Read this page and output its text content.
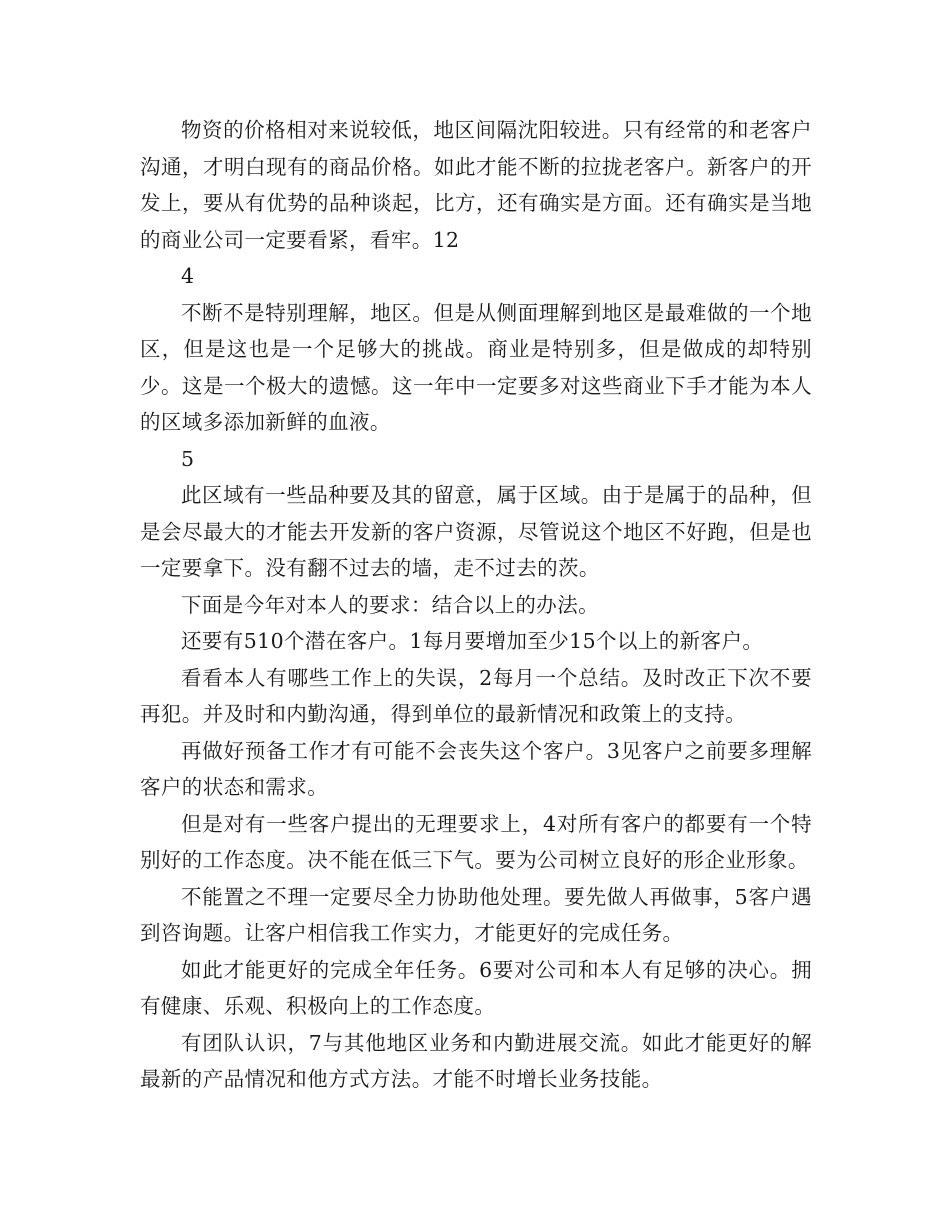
物资的价格相对来说较低，地区间隔沈阳较进。只有经常的和老客户沟通，才明白现有的商品价格。如此才能不断的拉拢老客户。新客户的开发上，要从有优势的品种谈起，比方，还有确实是方面。还有确实是当地的商业公司一定要看紧，看牢。12

4

不断不是特别理解，地区。但是从侧面理解到地区是最难做的一个地区，但是这也是一个足够大的挑战。商业是特别多，但是做成的却特别少。这是一个极大的遗憾。这一年中一定要多对这些商业下手才能为本人的区域多添加新鲜的血液。

5

此区域有一些品种要及其的留意，属于区域。由于是属于的品种，但是会尽最大的才能去开发新的客户资源，尽管说这个地区不好跑，但是也一定要拿下。没有翻不过去的墙，走不过去的茨。

下面是今年对本人的要求：结合以上的办法。

还要有510个潜在客户。1每月要增加至少15个以上的新客户。

看看本人有哪些工作上的失误，2每月一个总结。及时改正下次不要再犯。并及时和内勤沟通，得到单位的最新情况和政策上的支持。

再做好预备工作才有可能不会丧失这个客户。3见客户之前要多理解客户的状态和需求。

但是对有一些客户提出的无理要求上，4对所有客户的都要有一个特别好的工作态度。决不能在低三下气。要为公司树立良好的形企业形象。

不能置之不理一定要尽全力协助他处理。要先做人再做事，5客户遇到咨询题。让客户相信我工作实力，才能更好的完成任务。

如此才能更好的完成全年任务。6要对公司和本人有足够的决心。拥有健康、乐观、积极向上的工作态度。

有团队认识，7与其他地区业务和内勤进展交流。如此才能更好的解最新的产品情况和他方式方法。才能不时增长业务技能。
